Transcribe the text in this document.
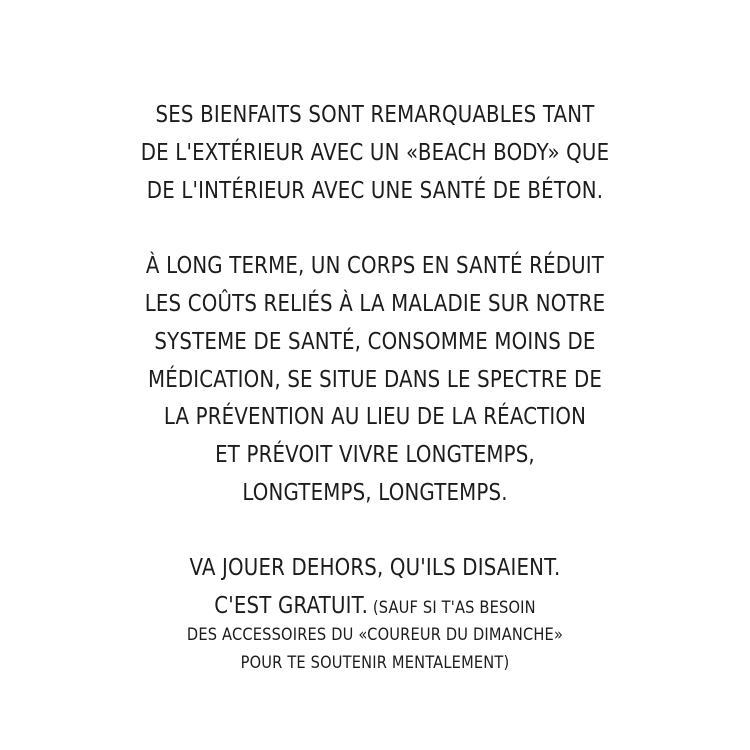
SES BIENFAITS SONT REMARQUABLES TANT
DE L'EXTÉRIEUR AVEC UN «BEACH BODY» QUE
DE L'INTÉRIEUR AVEC UNE SANTÉ DE BÉTON.
À LONG TERME, UN CORPS EN SANTÉ RÉDUIT
LES COÛTS RELIÉS À LA MALADIE SUR NOTRE
SYSTEME DE SANTÉ, CONSOMME MOINS DE
MÉDICATION, SE SITUE DANS LE SPECTRE DE
LA PRÉVENTION AU LIEU DE LA RÉACTION
ET PRÉVOIT VIVRE LONGTEMPS,
LONGTEMPS, LONGTEMPS.
VA JOUER DEHORS, QU'ILS DISAIENT.
C'EST GRATUIT. (SAUF SI T'AS BESOIN
DES ACCESSOIRES DU «COUREUR DU DIMANCHE»
POUR TE SOUTENIR MENTALEMENT)
